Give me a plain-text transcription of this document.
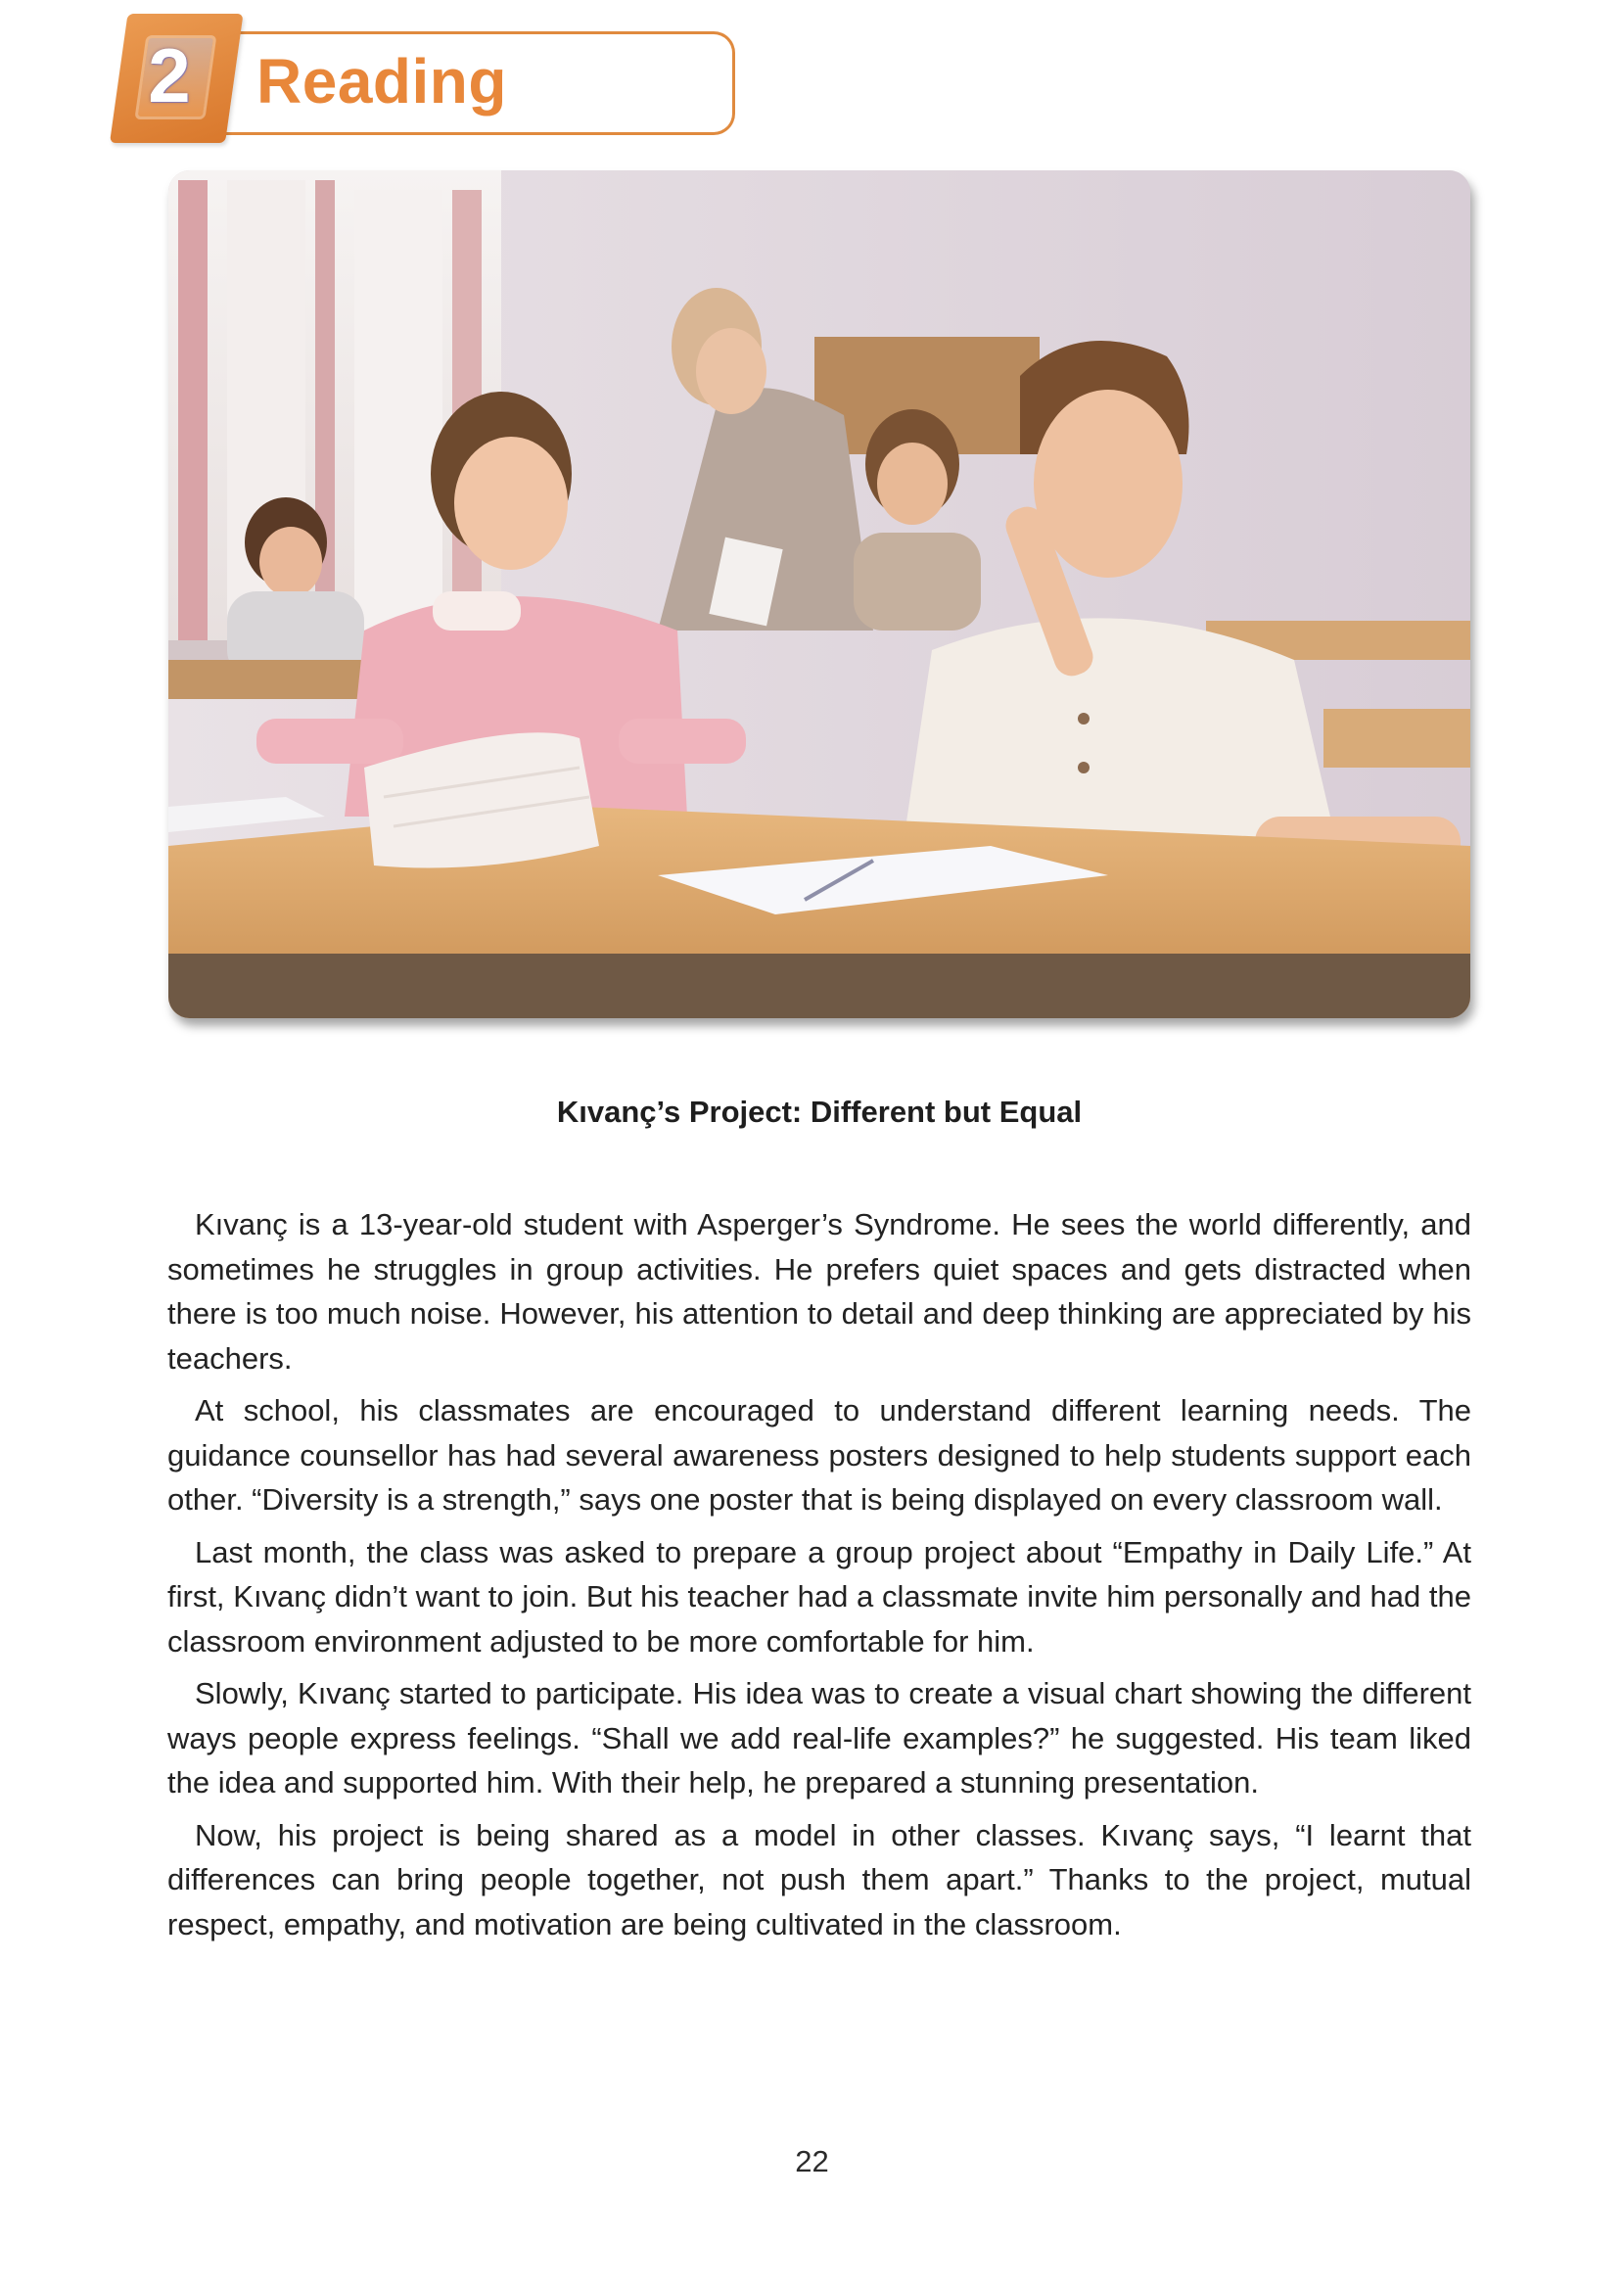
2	Reading
Kıvanç’s Project: Different but Equal

Kıvanç is a 13-year-old student with Asperger’s Syndrome. He sees the world differently, and sometimes he struggles in group activities. He prefers quiet spaces and gets distracted when there is too much noise. However, his attention to detail and deep thinking are appreciated by his teachers.

At school, his classmates are encouraged to understand different learning needs. The guidance counsellor has had several awareness posters designed to help students support each other. “Diversity is a strength,” says one poster that is being displayed on every classroom wall.

Last month, the class was asked to prepare a group project about “Empathy in Daily Life.” At first, Kıvanç didn’t want to join. But his teacher had a classmate invite him personally and had the classroom environment adjusted to be more comfortable for him.

Slowly, Kıvanç started to participate. His idea was to create a visual chart showing the different ways people express feelings. “Shall we add real-life examples?” he suggested. His team liked the idea and supported him. With their help, he prepared a stunning presentation.

Now, his project is being shared as a model in other classes. Kıvanç says, “I learnt that differences can bring people together, not push them apart.” Thanks to the project, mutual respect, empathy, and motivation are being cultivated in the classroom.

22
